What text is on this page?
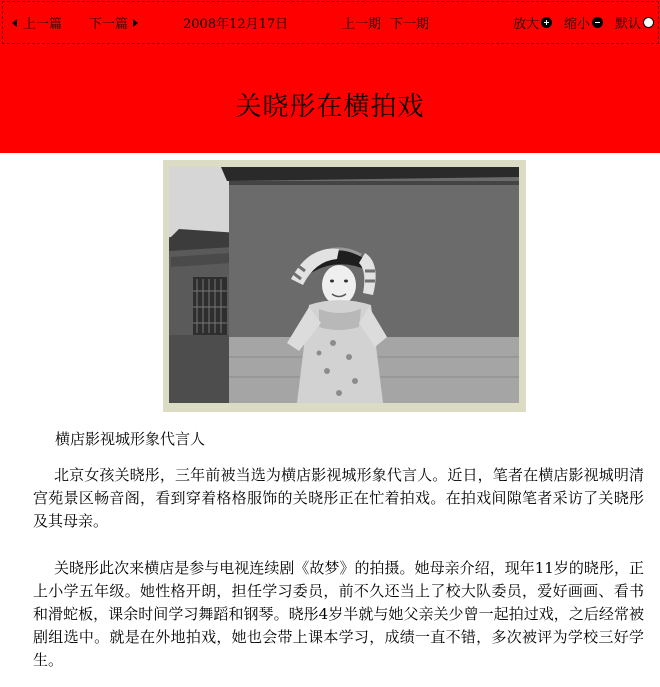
上一篇 下一篇	2008年12月17日	上一期 下一期	放大 缩小 默认
关晓彤在横拍戏
横店影视城形象代言人

北京女孩关晓彤，三年前被当选为横店影视城形象代言人。近日，笔者在横店影视城明清宫苑景区畅音阁，看到穿着格格服饰的关晓彤正在忙着拍戏。在拍戏间隙笔者采访了关晓彤及其母亲。

关晓彤此次来横店是参与电视连续剧《故梦》的拍摄。她母亲介绍，现年11岁的晓彤，正上小学五年级。她性格开朗，担任学习委员，前不久还当上了校大队委员，爱好画画、看书和滑蛇板，课余时间学习舞蹈和钢琴。晓彤4岁半就与她父亲关少曾一起拍过戏，之后经常被剧组选中。就是在外地拍戏，她也会带上课本学习，成绩一直不错，多次被评为学校三好学生。
